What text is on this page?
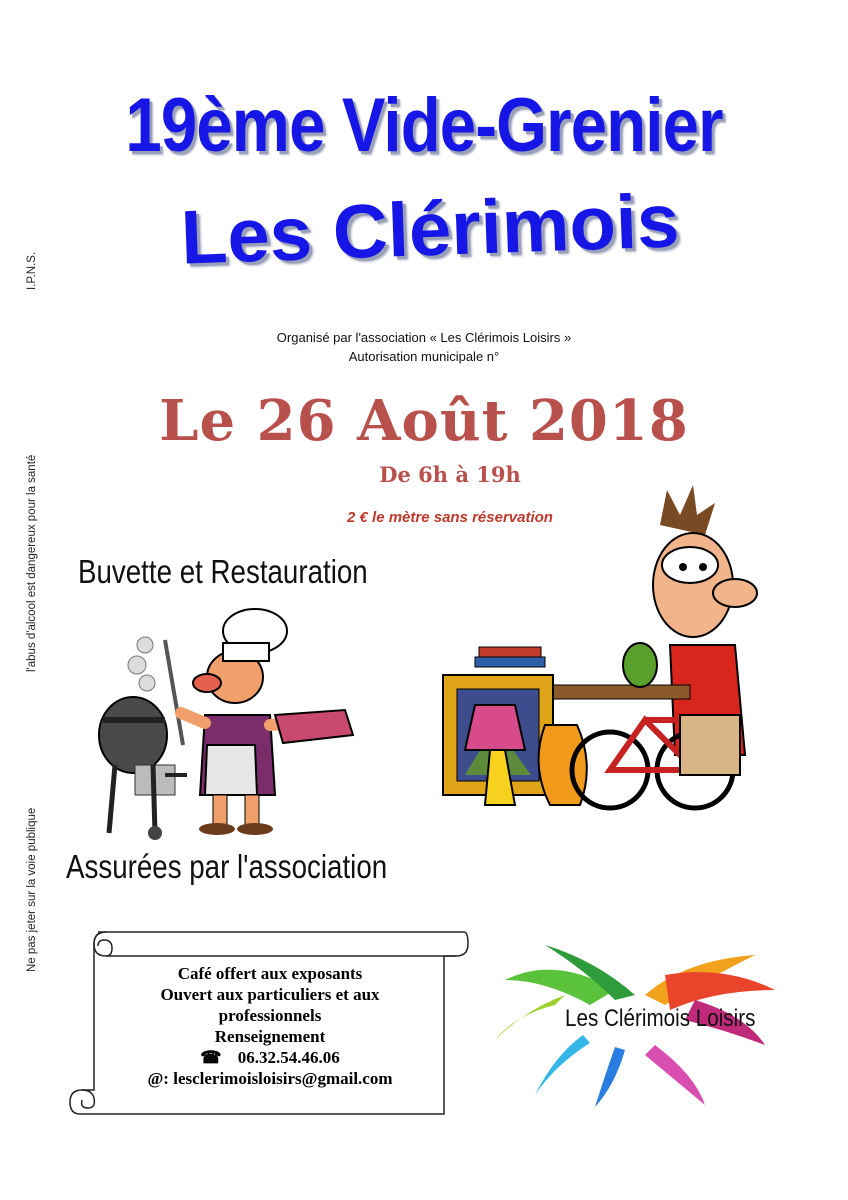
I.P.N.S.
l'abus d'alcool est dangereux pour la santé
Ne pas jeter sur la voie publique
19ème Vide-Grenier
Les Clérimois
Organisé par l'association « Les Clérimois Loisirs »
Autorisation municipale n°
Le 26 Août 2018
De 6h à 19h
2 € le mètre sans réservation
Buvette et Restauration
Assurées par l'association
Café offert aux exposants
Ouvert aux particuliers et aux
professionnels
Renseignement
☎ 06.32.54.46.06
@: lesclerimoisloisirs@gmail.com
Les Clérimois Loisirs
